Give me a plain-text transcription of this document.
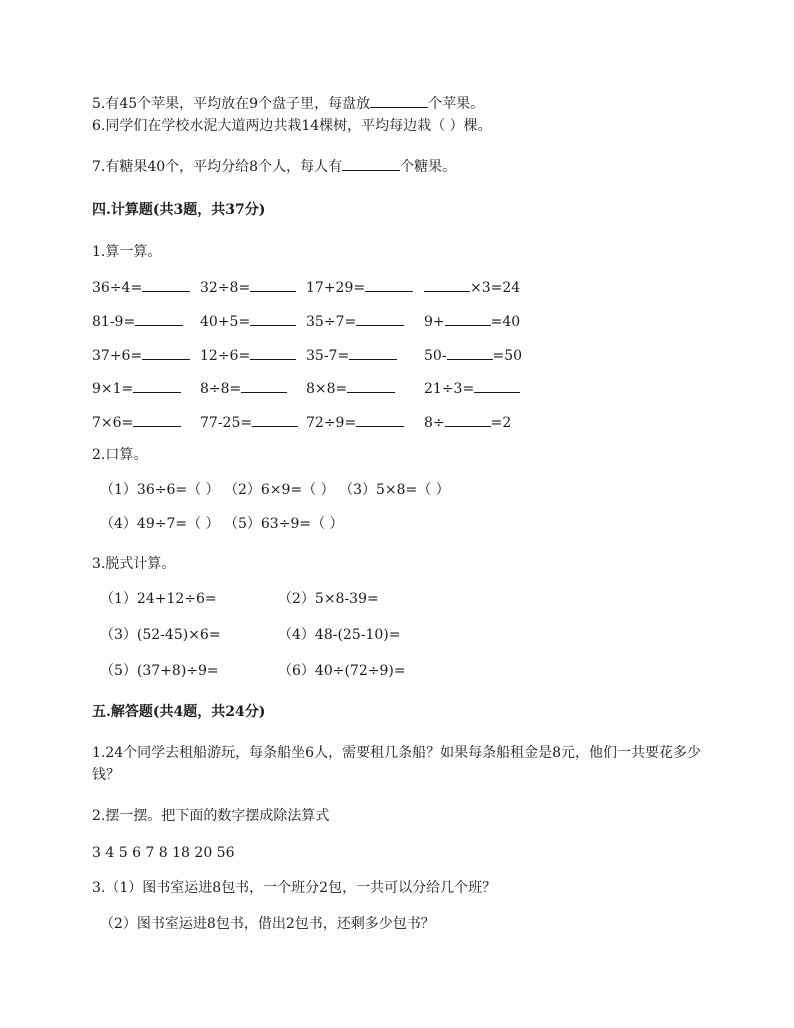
5.有45个苹果，平均放在9个盘子里，每盘放	个苹果。
6.同学们在学校水泥大道两边共栽14棵树，平均每边栽（ ）棵。
7.有糖果40个，平均分给8个人，每人有	个糖果。
四.计算题(共3题，共37分)
1.算一算。
36÷4=	32÷8=	17+29=	×3=24
81-9=	40+5=	35÷7=	9+	=40
37+6=	12÷6=	35-7=	50-	=50
9×1=	8÷8=	8×8=	21÷3=
7×6=	77-25=	72÷9=	8÷	=2
2.口算。
（1）36÷6=（ ） （2）6×9=（ ） （3）5×8=（ ）
（4）49÷7=（ ） （5）63÷9=（ ）
3.脱式计算。
（1）24+12÷6=	（2）5×8-39=
（3）(52-45)×6=	（4）48-(25-10)=
（5）(37+8)÷9=	（6）40÷(72÷9)=
五.解答题(共4题，共24分)
1.24个同学去租船游玩，每条船坐6人，需要租几条船？如果每条船租金是8元，他们一共要花多少钱？
2.摆一摆。把下面的数字摆成除法算式
3 4 5 6 7 8 18 20 56
3.（1）图书室运进8包书，一个班分2包，一共可以分给几个班？
（2）图书室运进8包书，借出2包书，还剩多少包书？
